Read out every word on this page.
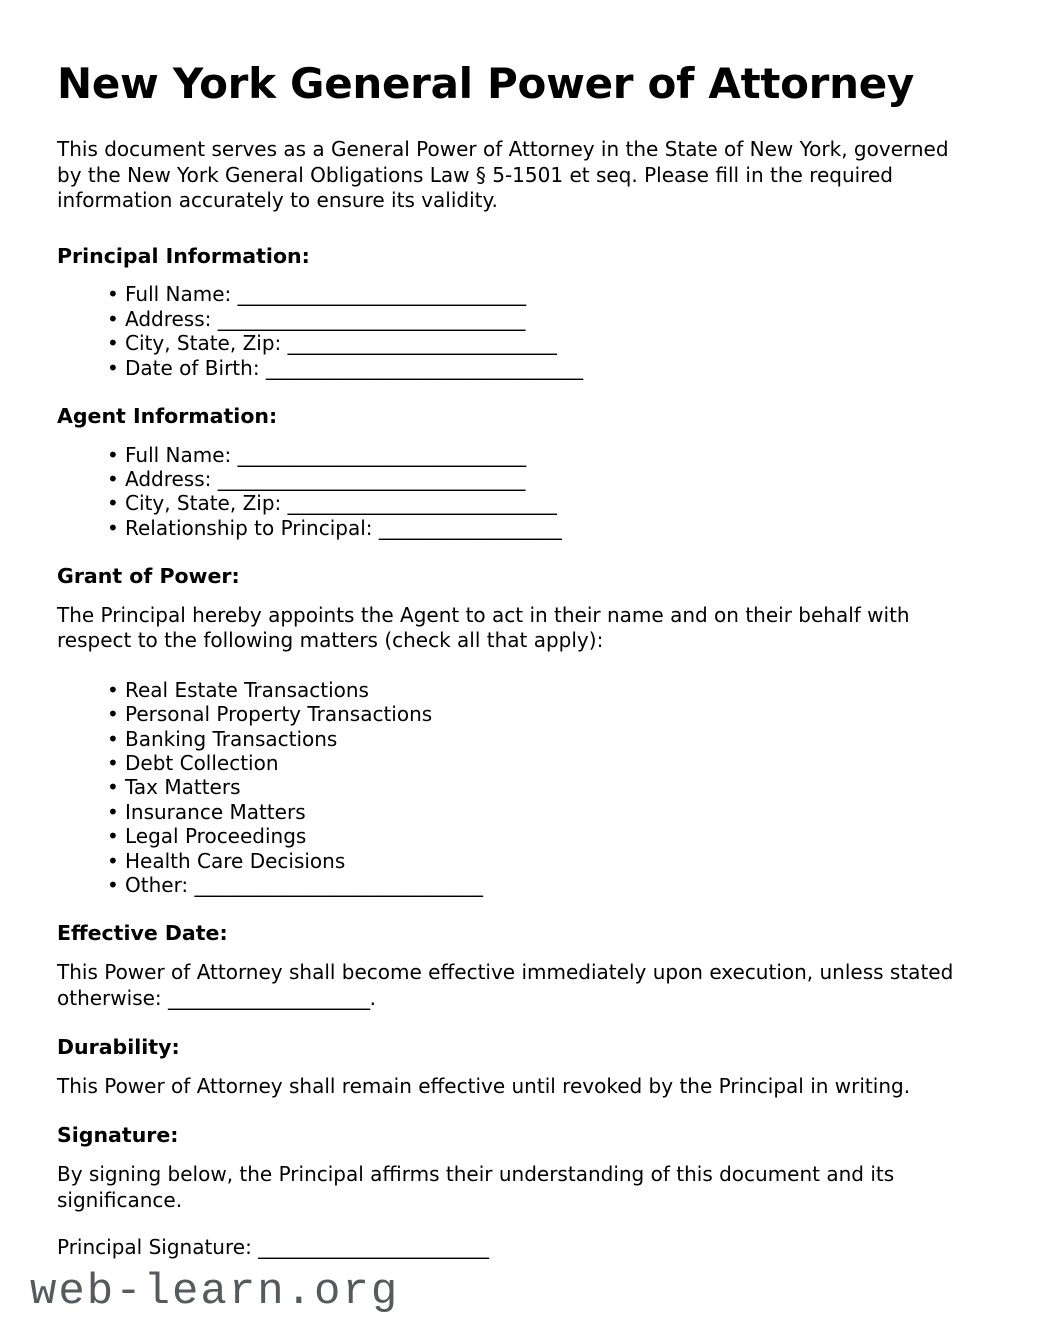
New York General Power of Attorney

This document serves as a General Power of Attorney in the State of New York, governed by the New York General Obligations Law § 5-1501 et seq. Please fill in the required information accurately to ensure its validity.

Principal Information:
• Full Name: ______________________________
• Address: ________________________________
• City, State, Zip: ____________________________
• Date of Birth: _________________________________
Agent Information:
• Full Name: ______________________________
• Address: ________________________________
• City, State, Zip: ____________________________
• Relationship to Principal: ___________________
Grant of Power:

The Principal hereby appoints the Agent to act in their name and on their behalf with respect to the following matters (check all that apply):

• Real Estate Transactions
• Personal Property Transactions
• Banking Transactions
• Debt Collection
• Tax Matters
• Insurance Matters
• Legal Proceedings
• Health Care Decisions
• Other: ______________________________
Effective Date:

This Power of Attorney shall become effective immediately upon execution, unless stated otherwise: _____________________.

Durability:

This Power of Attorney shall remain effective until revoked by the Principal in writing.

Signature:

By signing below, the Principal affirms their understanding of this document and its significance.

Principal Signature: ________________________

web-learn.org
